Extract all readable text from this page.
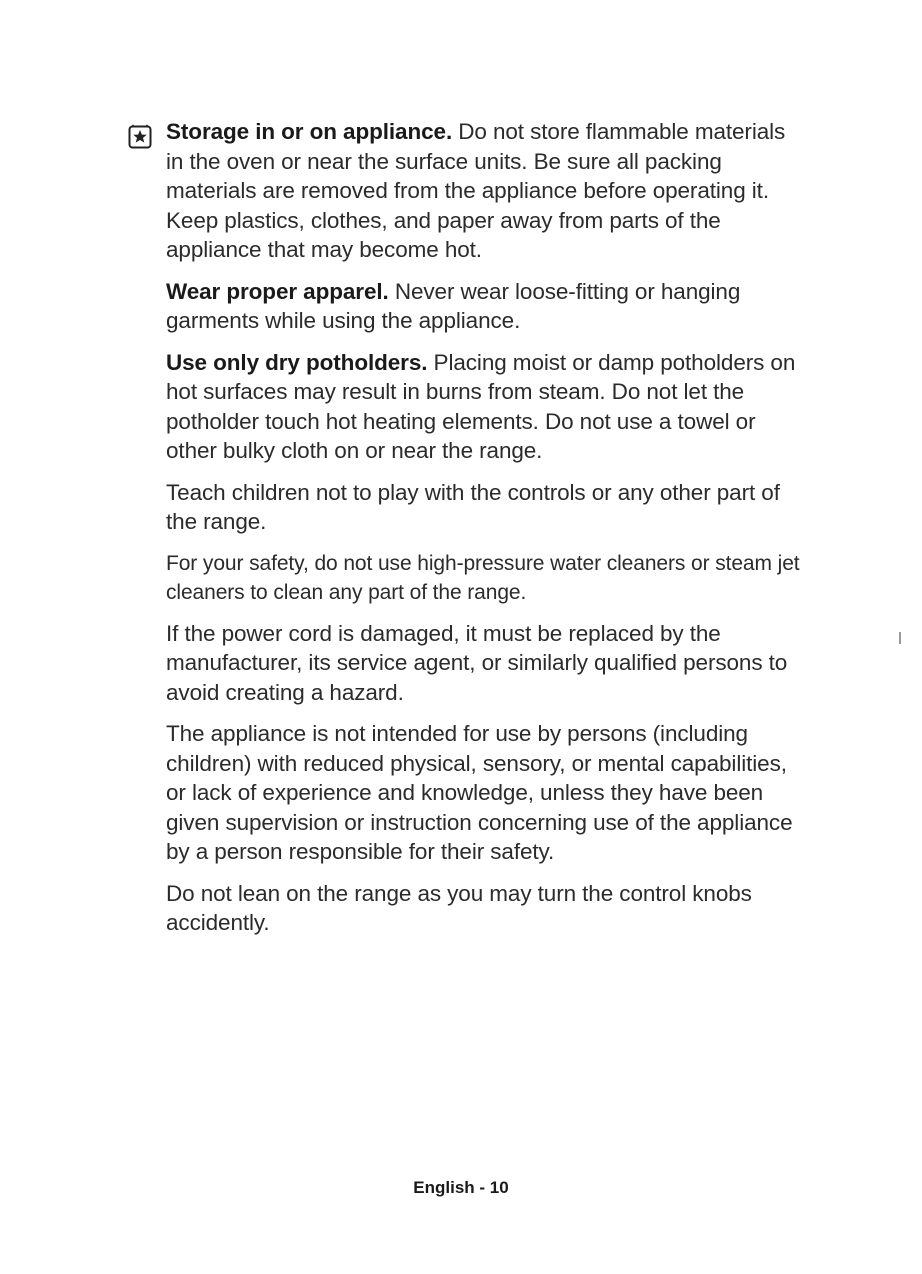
Storage in or on appliance. Do not store flammable materials in the oven or near the surface units. Be sure all packing materials are removed from the appliance before operating it. Keep plastics, clothes, and paper away from parts of the appliance that may become hot.

Wear proper apparel. Never wear loose-fitting or hanging garments while using the appliance.

Use only dry potholders. Placing moist or damp potholders on hot surfaces may result in burns from steam. Do not let the potholder touch hot heating elements. Do not use a towel or other bulky cloth on or near the range.

Teach children not to play with the controls or any other part of the range.

For your safety, do not use high-pressure water cleaners or steam jet cleaners to clean any part of the range.

If the power cord is damaged, it must be replaced by the manufacturer, its service agent, or similarly qualified persons to avoid creating a hazard.

The appliance is not intended for use by persons (including children) with reduced physical, sensory, or mental capabilities, or lack of experience and knowledge, unless they have been given supervision or instruction concerning use of the appliance by a person responsible for their safety.

Do not lean on the range as you may turn the control knobs accidently.

English - 10
